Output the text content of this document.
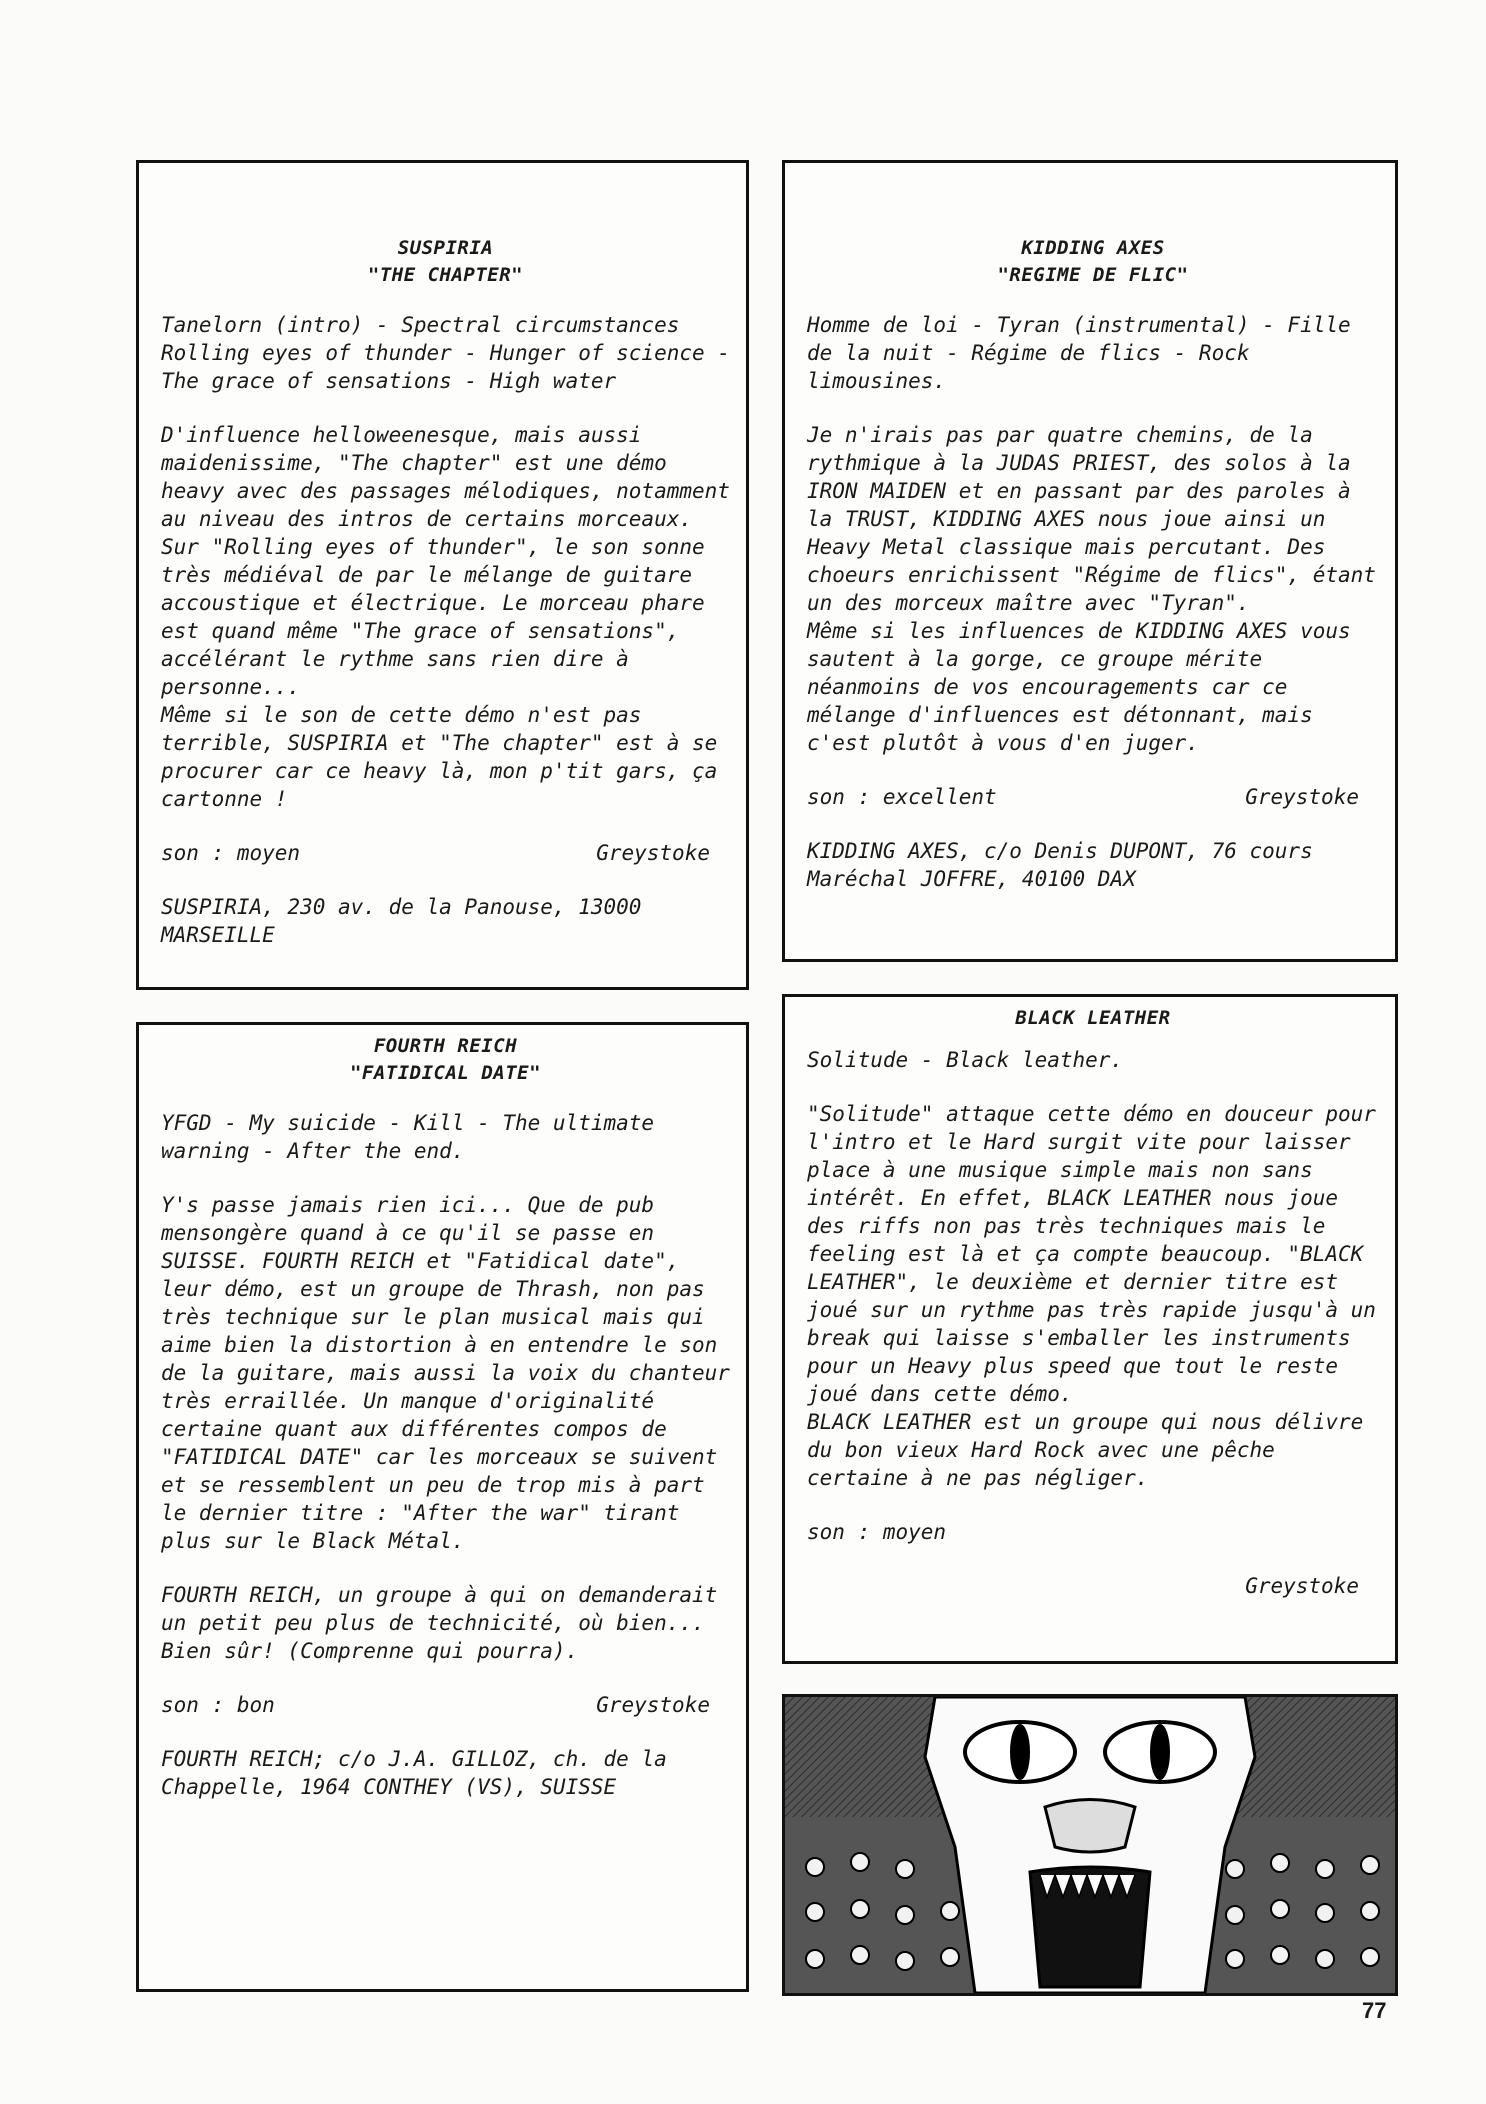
SUSPIRIA
"THE CHAPTER"

Tanelorn (intro) - Spectral circumstances Rolling eyes of thunder - Hunger of science - The grace of sensations - High water

D'influence helloweenesque, mais aussi maidenissime, "The chapter" est une démo heavy avec des passages mélodiques, notamment au niveau des intros de certains morceaux. Sur "Rolling eyes of thunder", le son sonne très médiéval de par le mélange de guitare accoustique et électrique. Le morceau phare est quand même "The grace of sensations", accélérant le rythme sans rien dire à personne...
Même si le son de cette démo n'est pas terrible, SUSPIRIA et "The chapter" est à se procurer car ce heavy là, mon p'tit gars, ça cartonne !

son : moyen	Greystoke

SUSPIRIA, 230 av. de la Panouse, 13000 MARSEILLE

KIDDING AXES
"REGIME DE FLIC"

Homme de loi - Tyran (instrumental) - Fille de la nuit - Régime de flics - Rock limousines.

Je n'irais pas par quatre chemins, de la rythmique à la JUDAS PRIEST, des solos à la IRON MAIDEN et en passant par des paroles à la TRUST, KIDDING AXES nous joue ainsi un Heavy Metal classique mais percutant. Des choeurs enrichissent "Régime de flics", étant un des morceux maître avec "Tyran".
Même si les influences de KIDDING AXES vous sautent à la gorge, ce groupe mérite néanmoins de vos encouragements car ce mélange d'influences est détonnant, mais c'est plutôt à vous d'en juger.

son : excellent	Greystoke

KIDDING AXES, c/o Denis DUPONT, 76 cours Maréchal JOFFRE, 40100 DAX

FOURTH REICH
"FATIDICAL DATE"

YFGD - My suicide - Kill - The ultimate warning - After the end.

Y's passe jamais rien ici... Que de pub mensongère quand à ce qu'il se passe en SUISSE. FOURTH REICH et "Fatidical date", leur démo, est un groupe de Thrash, non pas très technique sur le plan musical mais qui aime bien la distortion à en entendre le son de la guitare, mais aussi la voix du chanteur très erraillée. Un manque d'originalité certaine quant aux différentes compos de "FATIDICAL DATE" car les morceaux se suivent et se ressemblent un peu de trop mis à part le dernier titre : "After the war" tirant plus sur le Black Métal.

FOURTH REICH, un groupe à qui on demanderait un petit peu plus de technicité, où bien... Bien sûr! (Comprenne qui pourra).

son : bon	Greystoke

FOURTH REICH; c/o J.A. GILLOZ, ch. de la Chappelle, 1964 CONTHEY (VS), SUISSE

BLACK LEATHER

Solitude - Black leather.

"Solitude" attaque cette démo en douceur pour l'intro et le Hard surgit vite pour laisser place à une musique simple mais non sans intérêt. En effet, BLACK LEATHER nous joue des riffs non pas très techniques mais le feeling est là et ça compte beaucoup. "BLACK LEATHER", le deuxième et dernier titre est joué sur un rythme pas très rapide jusqu'à un break qui laisse s'emballer les instruments pour un Heavy plus speed que tout le reste joué dans cette démo.
BLACK LEATHER est un groupe qui nous délivre du bon vieux Hard Rock avec une pêche certaine à ne pas négliger.

son : moyen

Greystoke

77
